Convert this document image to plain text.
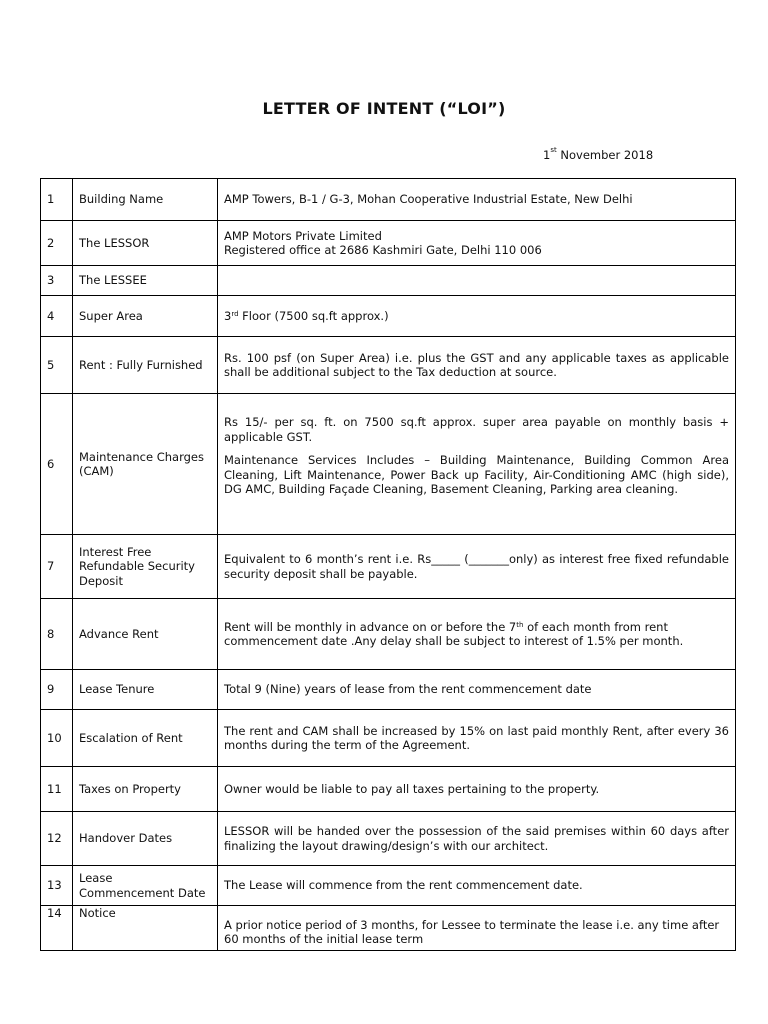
LETTER OF INTENT (“LOI”)
1st November 2018
1	Building Name	AMP Towers, B-1 / G-3, Mohan Cooperative Industrial Estate, New Delhi
2	The LESSOR	AMP Motors Private Limited
Registered office at 2686 Kashmiri Gate, Delhi 110 006

3	The LESSEE	
4	Super Area	3rd Floor (7500 sq.ft approx.)
5	Rent : Fully Furnished	Rs. 100 psf (on Super Area) i.e. plus the GST and any applicable taxes as applicable shall be additional subject to the Tax deduction at source.
6	Maintenance Charges (CAM)	Rs 15/- per sq. ft. on 7500 sq.ft approx. super area payable on monthly basis + applicable GST.

Maintenance Services Includes – Building Maintenance, Building Common Area Cleaning, Lift Maintenance, Power Back up Facility, Air-Conditioning AMC (high side), DG AMC, Building Façade Cleaning, Basement Cleaning, Parking area cleaning.

7	Interest Free Refundable Security Deposit	Equivalent to 6 month’s rent i.e. Rs_____ (_______only) as interest free fixed refundable security deposit shall be payable.
8	Advance Rent	Rent will be monthly in advance on or before the 7th of each month from rent commencement date .Any delay shall be subject to interest of 1.5% per month.
9	Lease Tenure	Total 9 (Nine) years of lease from the rent commencement date
10	Escalation of Rent	The rent and CAM shall be increased by 15% on last paid monthly Rent, after every 36 months during the term of the Agreement.
11	Taxes on Property	Owner would be liable to pay all taxes pertaining to the property.
12	Handover Dates	LESSOR will be handed over the possession of the said premises within 60 days after finalizing the layout drawing/design’s with our architect.
13	Lease Commencement Date	The Lease will commence from the rent commencement date.
14	Notice	A prior notice period of 3 months, for Lessee to terminate the lease i.e. any time after 60 months of the initial lease term
